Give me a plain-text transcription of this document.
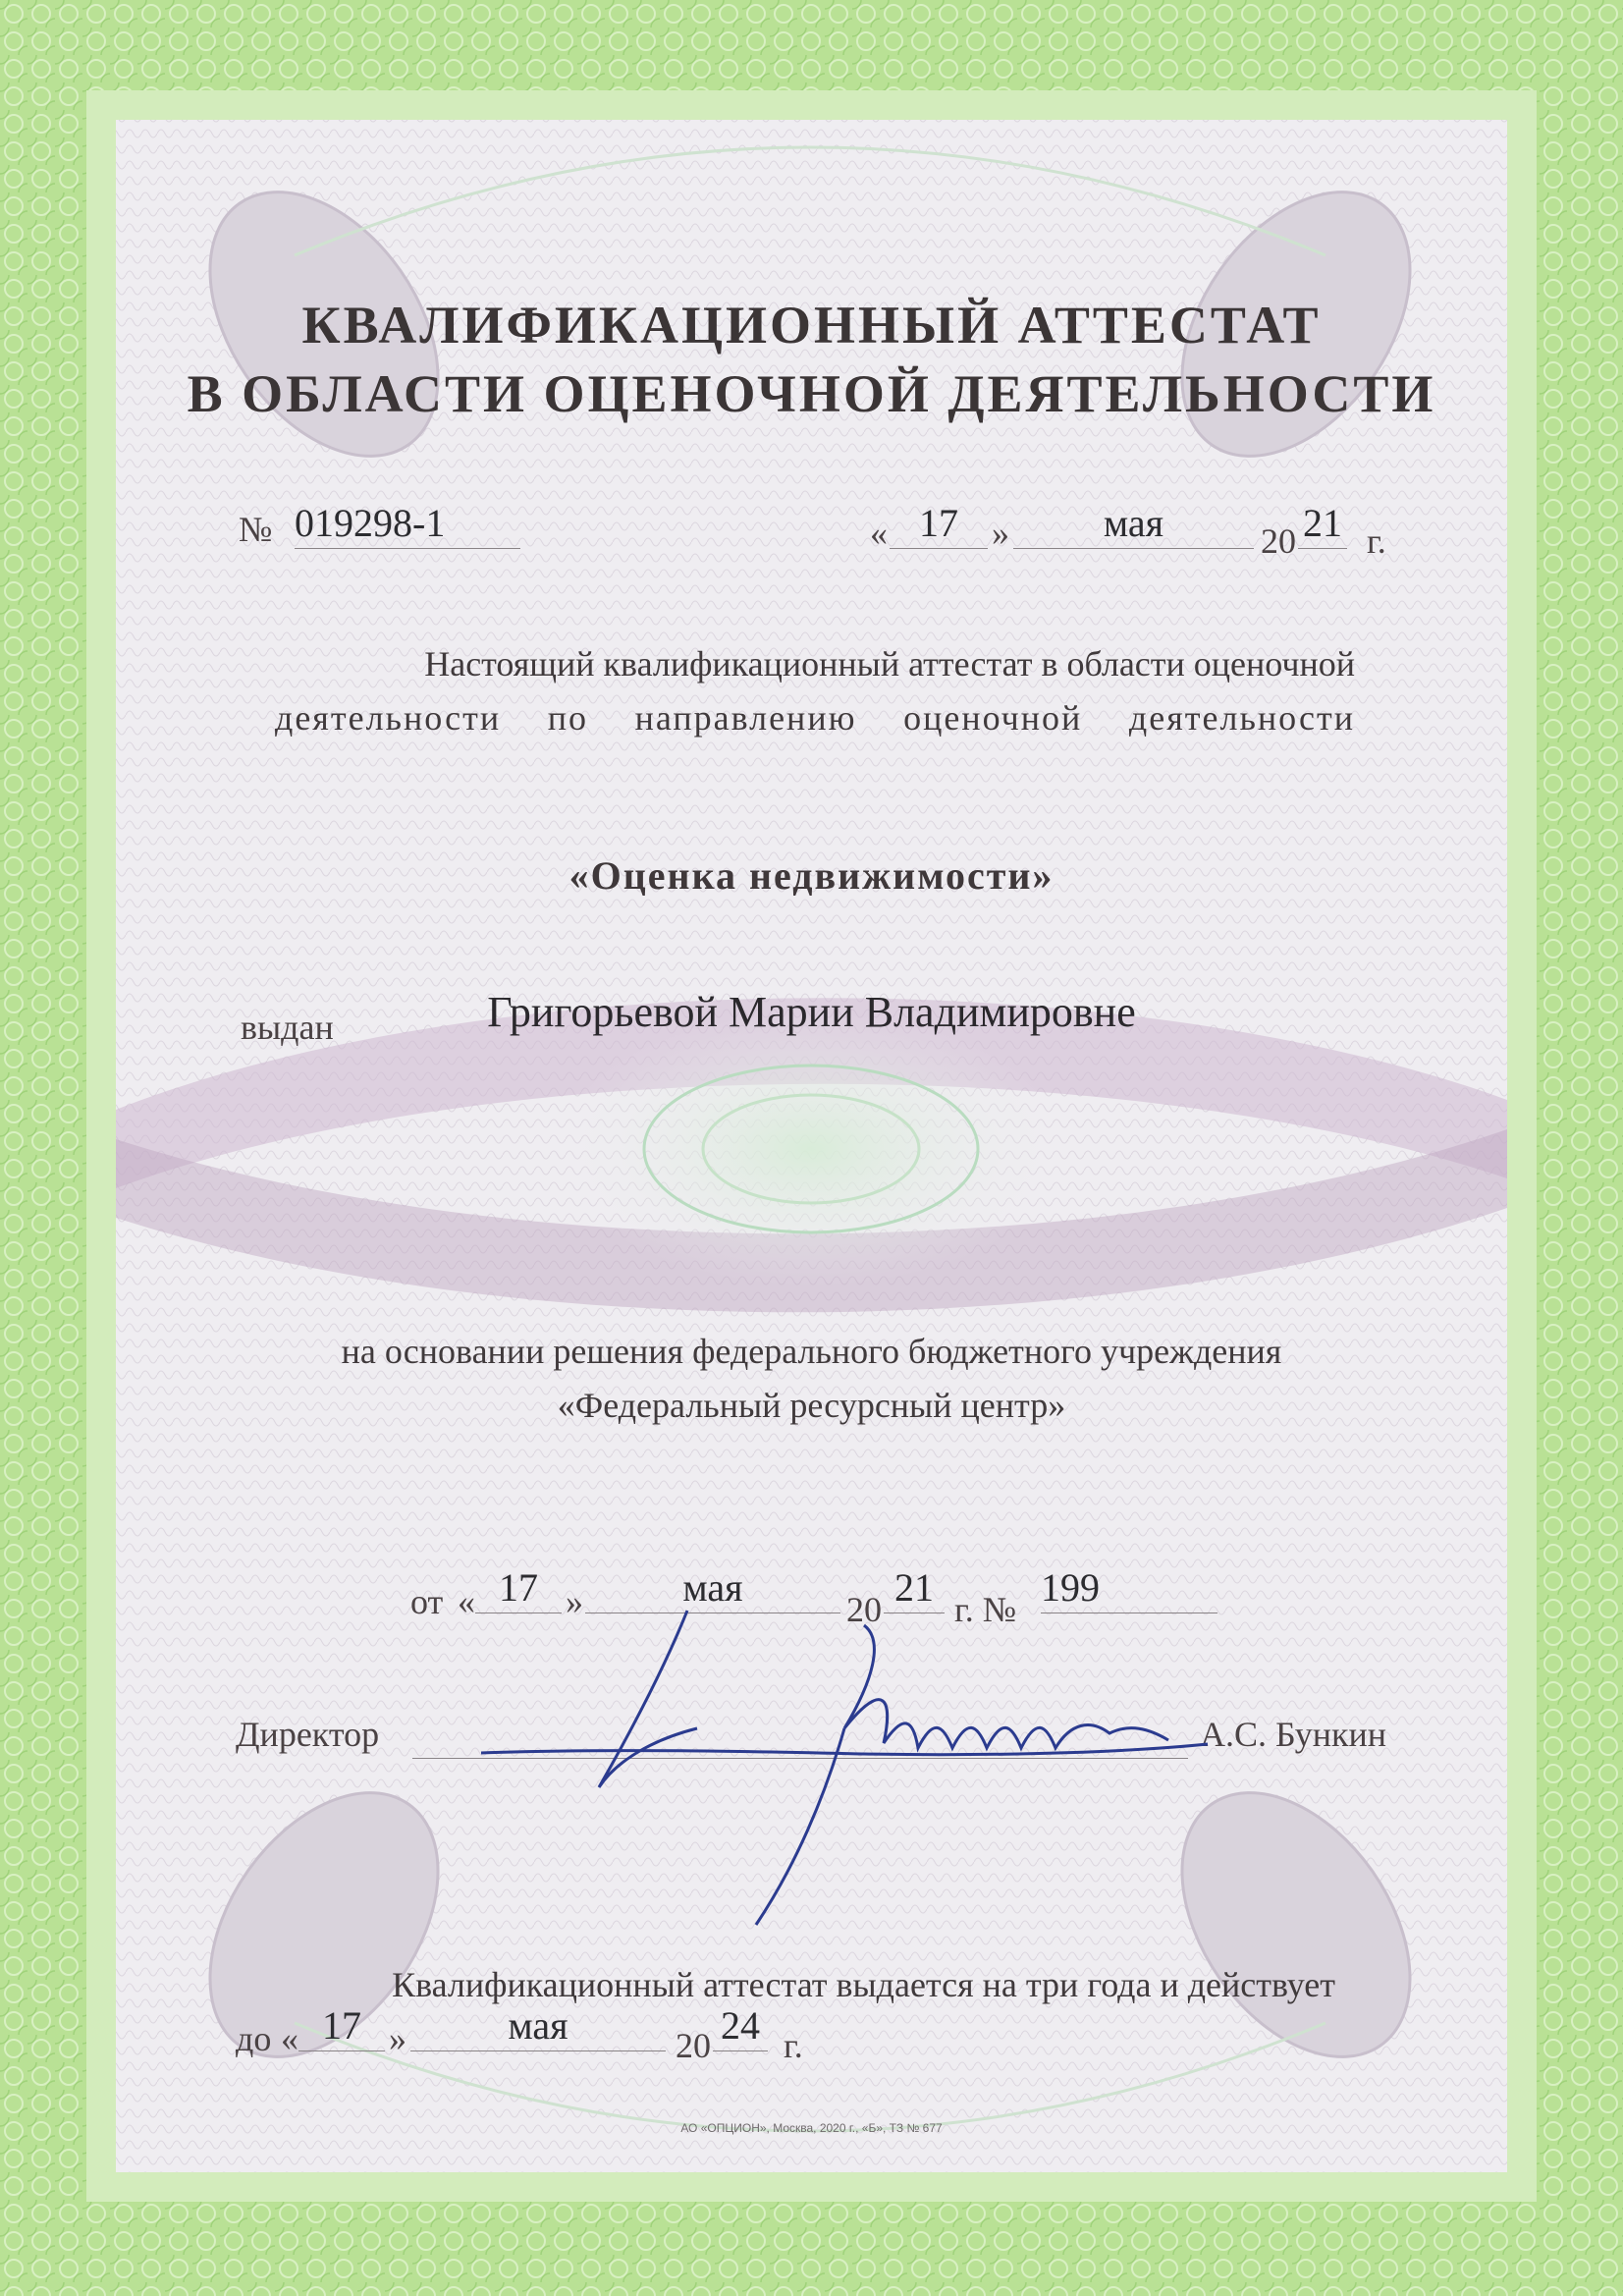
КВАЛИФИКАЦИОННЫЙ АТТЕСТАТ
В ОБЛАСТИ ОЦЕНОЧНОЙ ДЕЯТЕЛЬНОСТИ
№ 019298-1	« 17 »	мая	20 21 г.
Настоящий квалификационный аттестат в области оценочной
деятельности по направлению оценочной деятельности
«Оценка недвижимости»
выдан	Григорьевой Марии Владимировне
на основании решения федерального бюджетного учреждения
«Федеральный ресурсный центр»
от « 17 »	мая	20 21 г. № 199
Директор	А.С. Бункин
Квалификационный аттестат выдается на три года и действует
до « 17 »	мая	20 24 г.
АО «ОПЦИОН», Москва, 2020 г., «Б», ТЗ № 677
